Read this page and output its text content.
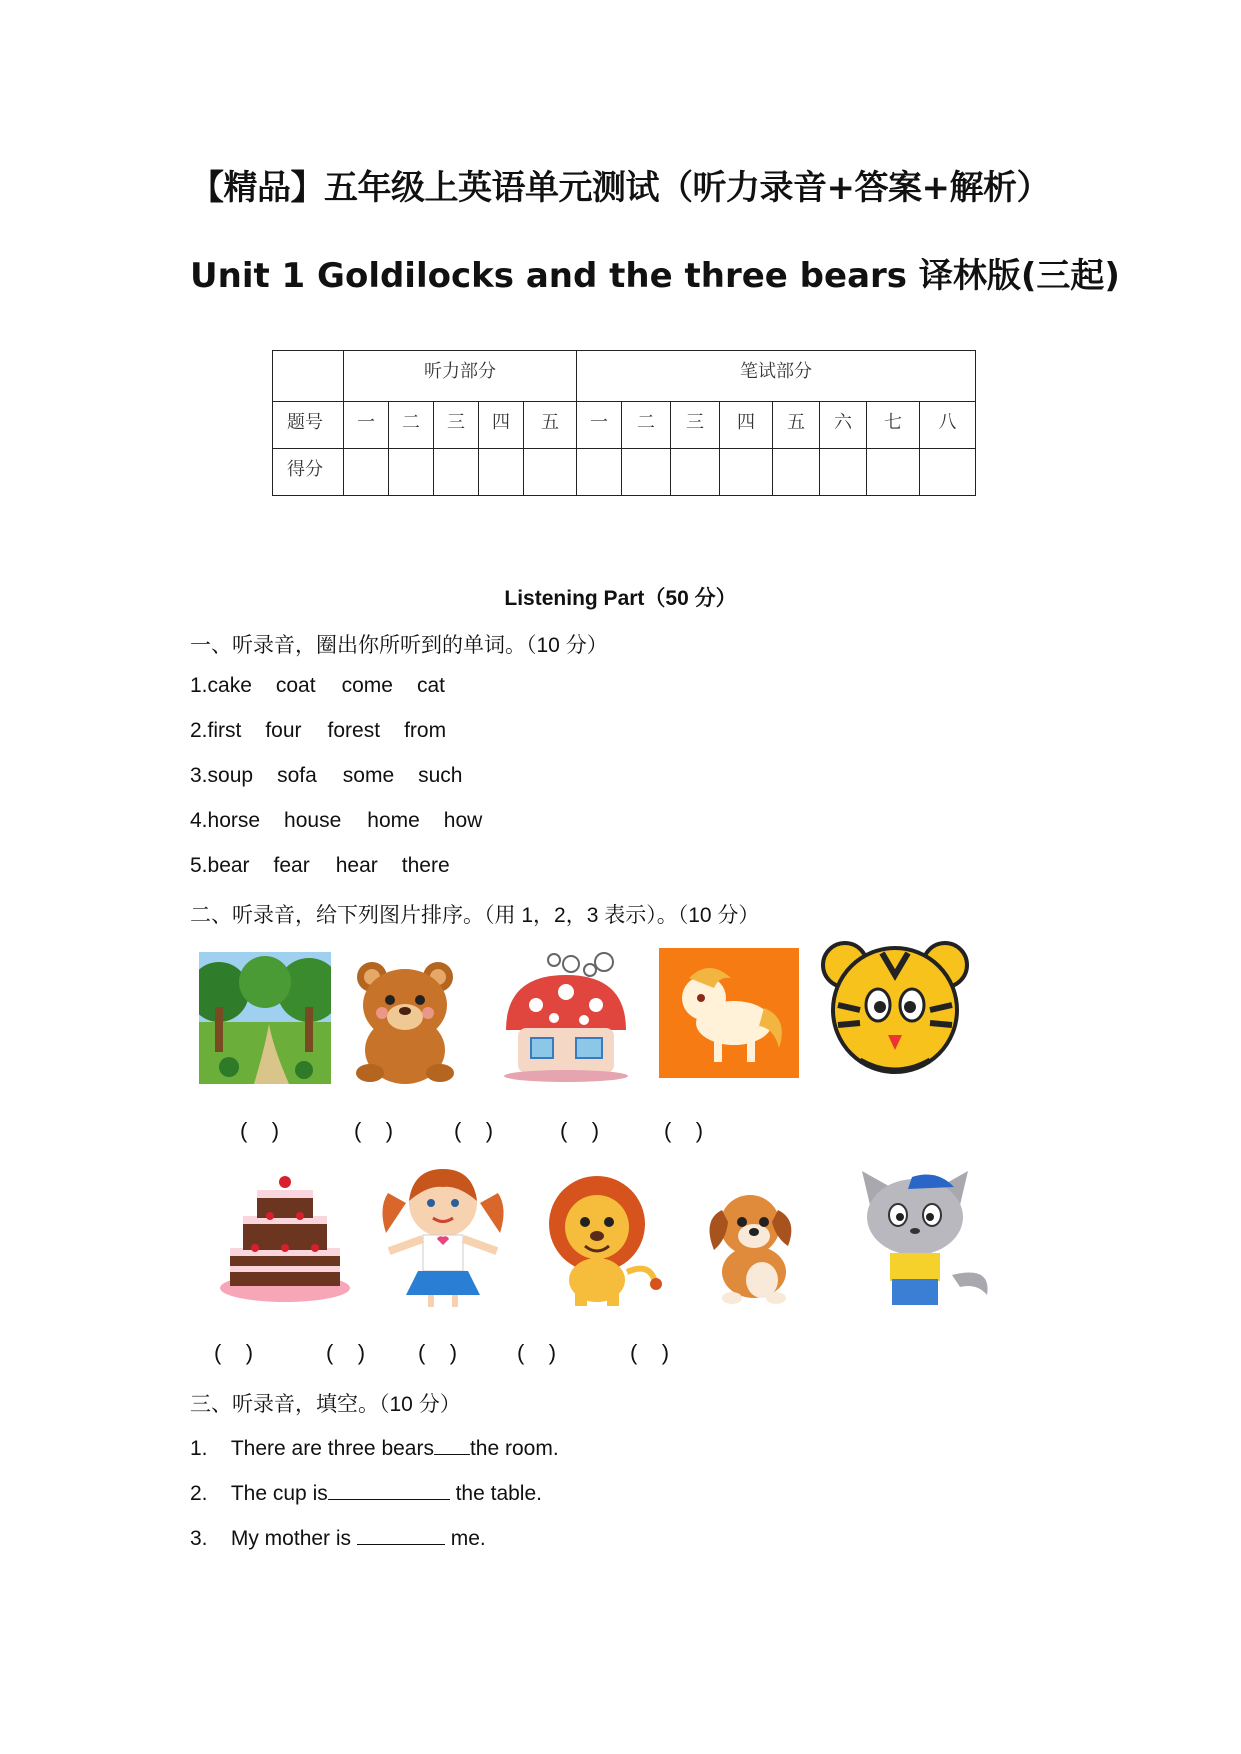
【精品】五年级上英语单元测试（听力录音+答案+解析）
Unit 1 Goldilocks and the three bears 译林版(三起)

	听力部分					笔试部分							

题号	一	二	三	四	五	一	二	三	四	五	六	七	八

得分													

Listening Part（50 分）
一、听录音，圈出你所听到的单词。（10 分）
1.cake coat come cat
2.first four forest from
3.soup sofa some such
4.horse house home how
5.bear fear hear there
二、听录音，给下列图片排序。（用 1，2，3 表示）。（10 分）
(    )	(    )	(    )	(    )	(    )
(    )	(    ) (    )	(    )	(    )
三、听录音，填空。（10 分）
1. There are three bears the room.
2. The cup is	the table.
3. My mother is	me.
